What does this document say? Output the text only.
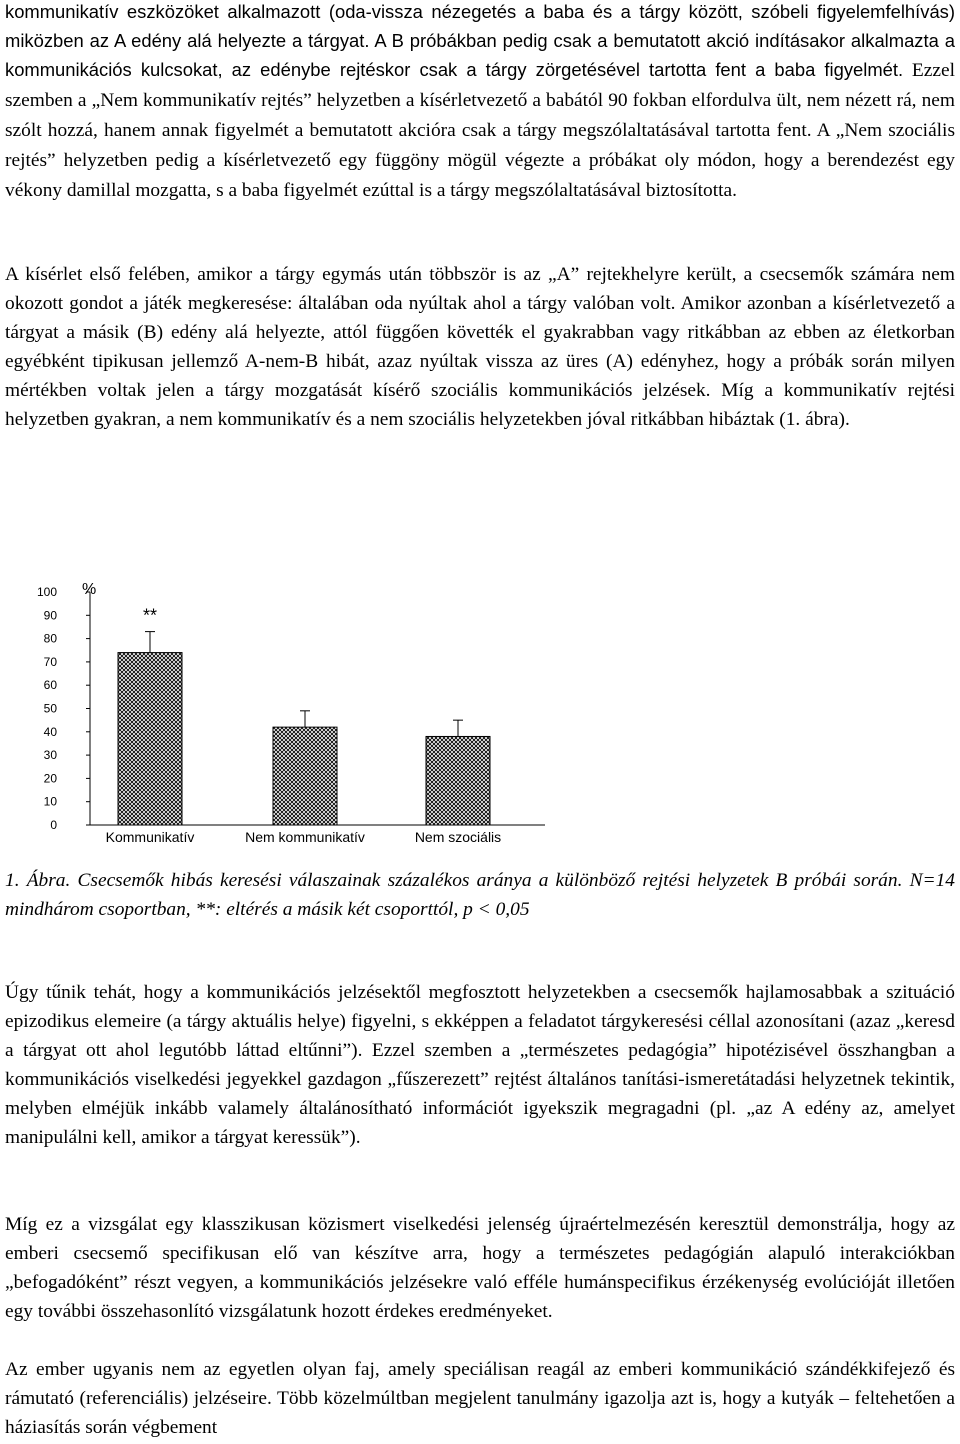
kommunikatív eszközöket alkalmazott (oda-vissza nézegetés a baba és a tárgy között, szóbeli figyelemfelhívás) miközben az A edény alá helyezte a tárgyat. A B próbákban pedig csak a bemutatott akció indításakor alkalmazta a kommunikációs kulcsokat, az edénybe rejtéskor csak a tárgy zörgetésével tartotta fent a baba figyelmét. Ezzel szemben a „Nem kommunikatív rejtés” helyzetben a kísérletvezető a babától 90 fokban elfordulva ült, nem nézett rá, nem szólt hozzá, hanem annak figyelmét a bemutatott akcióra csak a tárgy megszólaltatásával tartotta fent. A „Nem szociális rejtés” helyzetben pedig a kísérletvezető egy függöny mögül végezte a próbákat oly módon, hogy a berendezést egy vékony damillal mozgatta, s a baba figyelmét ezúttal is a tárgy megszólaltatásával biztosította.

A kísérlet első felében, amikor a tárgy egymás után többször is az „A” rejtekhelyre került, a csecsemők számára nem okozott gondot a játék megkeresése: általában oda nyúltak ahol a tárgy valóban volt. Amikor azonban a kísérletvezető a tárgyat a másik (B) edény alá helyezte, attól függően követték el gyakrabban vagy ritkábban az ebben az életkorban egyébként tipikusan jellemző A-nem-B hibát, azaz nyúltak vissza az üres (A) edényhez, hogy a próbák során milyen mértékben voltak jelen a tárgy mozgatását kísérő szociális kommunikációs jelzések. Míg a kommunikatív rejtési helyzetben gyakran, a nem kommunikatív és a nem szociális helyzetekben jóval ritkábban hibáztak (1. ábra).

0
10
20
30
40
50
60
70
80
90
100 %
Kommunikatív	Nem kommunikatív	Nem szociális
**

1. Ábra. Csecsemők hibás keresési válaszainak százalékos aránya a különböző rejtési helyzetek B próbái során. N=14 mindhárom csoportban, **: eltérés a másik két csoporttól, p < 0,05

Úgy tűnik tehát, hogy a kommunikációs jelzésektől megfosztott helyzetekben a csecsemők hajlamosabbak a szituáció epizodikus elemeire (a tárgy aktuális helye) figyelni, s ekképpen a feladatot tárgykeresési céllal azonosítani (azaz „keresd a tárgyat ott ahol legutóbb láttad eltűnni”). Ezzel szemben a „természetes pedagógia” hipotézisével összhangban a kommunikációs viselkedési jegyekkel gazdagon „fűszerezett” rejtést általános tanítási-ismeretátadási helyzetnek tekintik, melyben elméjük inkább valamely általánosítható információt igyekszik megragadni (pl. „az A edény az, amelyet manipulálni kell, amikor a tárgyat keressük”).

Míg ez a vizsgálat egy klasszikusan közismert viselkedési jelenség újraértelmezésén keresztül demonstrálja, hogy az emberi csecsemő specifikusan elő van készítve arra, hogy a természetes pedagógián alapuló interakciókban „befogadóként” részt vegyen, a kommunikációs jelzésekre való efféle humánspecifikus érzékenység evolúcióját illetően egy további összehasonlító vizsgálatunk hozott érdekes eredményeket.

Az ember ugyanis nem az egyetlen olyan faj, amely speciálisan reagál az emberi kommunikáció szándékkifejező és rámutató (referenciális) jelzéseire. Több közelmúltban megjelent tanulmány igazolja azt is, hogy a kutyák – feltehetően a háziasítás során végbement
